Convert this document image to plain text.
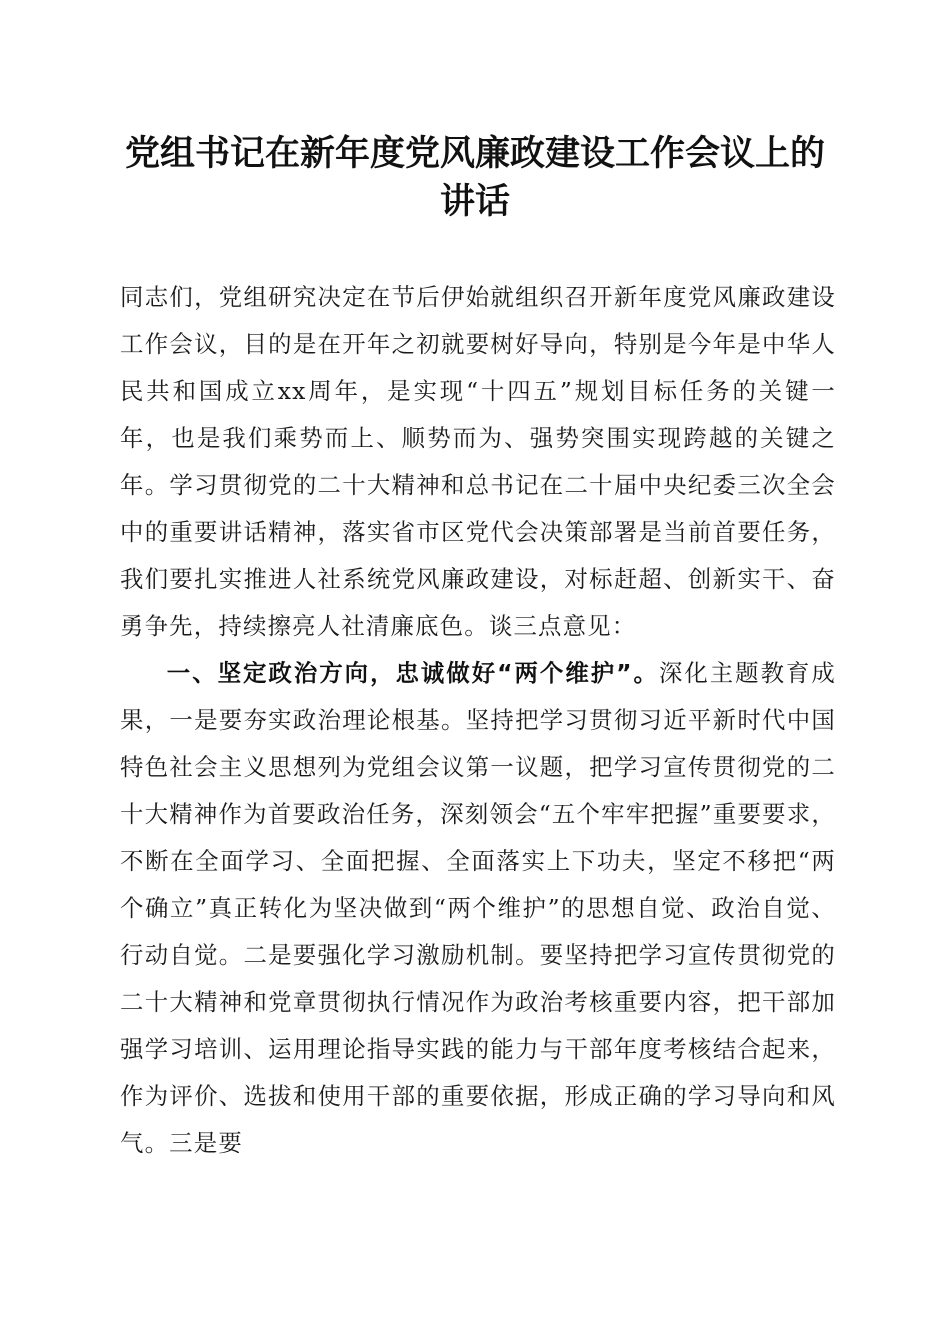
党组书记在新年度党风廉政建设工作会议上的讲话

同志们，党组研究决定在节后伊始就组织召开新年度党风廉政建设工作会议，目的是在开年之初就要树好导向，特别是今年是中华人民共和国成立xx周年，是实现“十四五”规划目标任务的关键一年，也是我们乘势而上、顺势而为、强势突围实现跨越的关键之年。学习贯彻党的二十大精神和总书记在二十届中央纪委三次全会中的重要讲话精神，落实省市区党代会决策部署是当前首要任务，我们要扎实推进人社系统党风廉政建设，对标赶超、创新实干、奋勇争先，持续擦亮人社清廉底色。谈三点意见：

一、坚定政治方向，忠诚做好“两个维护”。深化主题教育成果，一是要夯实政治理论根基。坚持把学习贯彻习近平新时代中国特色社会主义思想列为党组会议第一议题，把学习宣传贯彻党的二十大精神作为首要政治任务，深刻领会“五个牢牢把握”重要要求，不断在全面学习、全面把握、全面落实上下功夫，坚定不移把“两个确立”真正转化为坚决做到“两个维护”的思想自觉、政治自觉、行动自觉。二是要强化学习激励机制。要坚持把学习宣传贯彻党的二十大精神和党章贯彻执行情况作为政治考核重要内容，把干部加强学习培训、运用理论指导实践的能力与干部年度考核结合起来，作为评价、选拔和使用干部的重要依据，形成正确的学习导向和风气。三是要
